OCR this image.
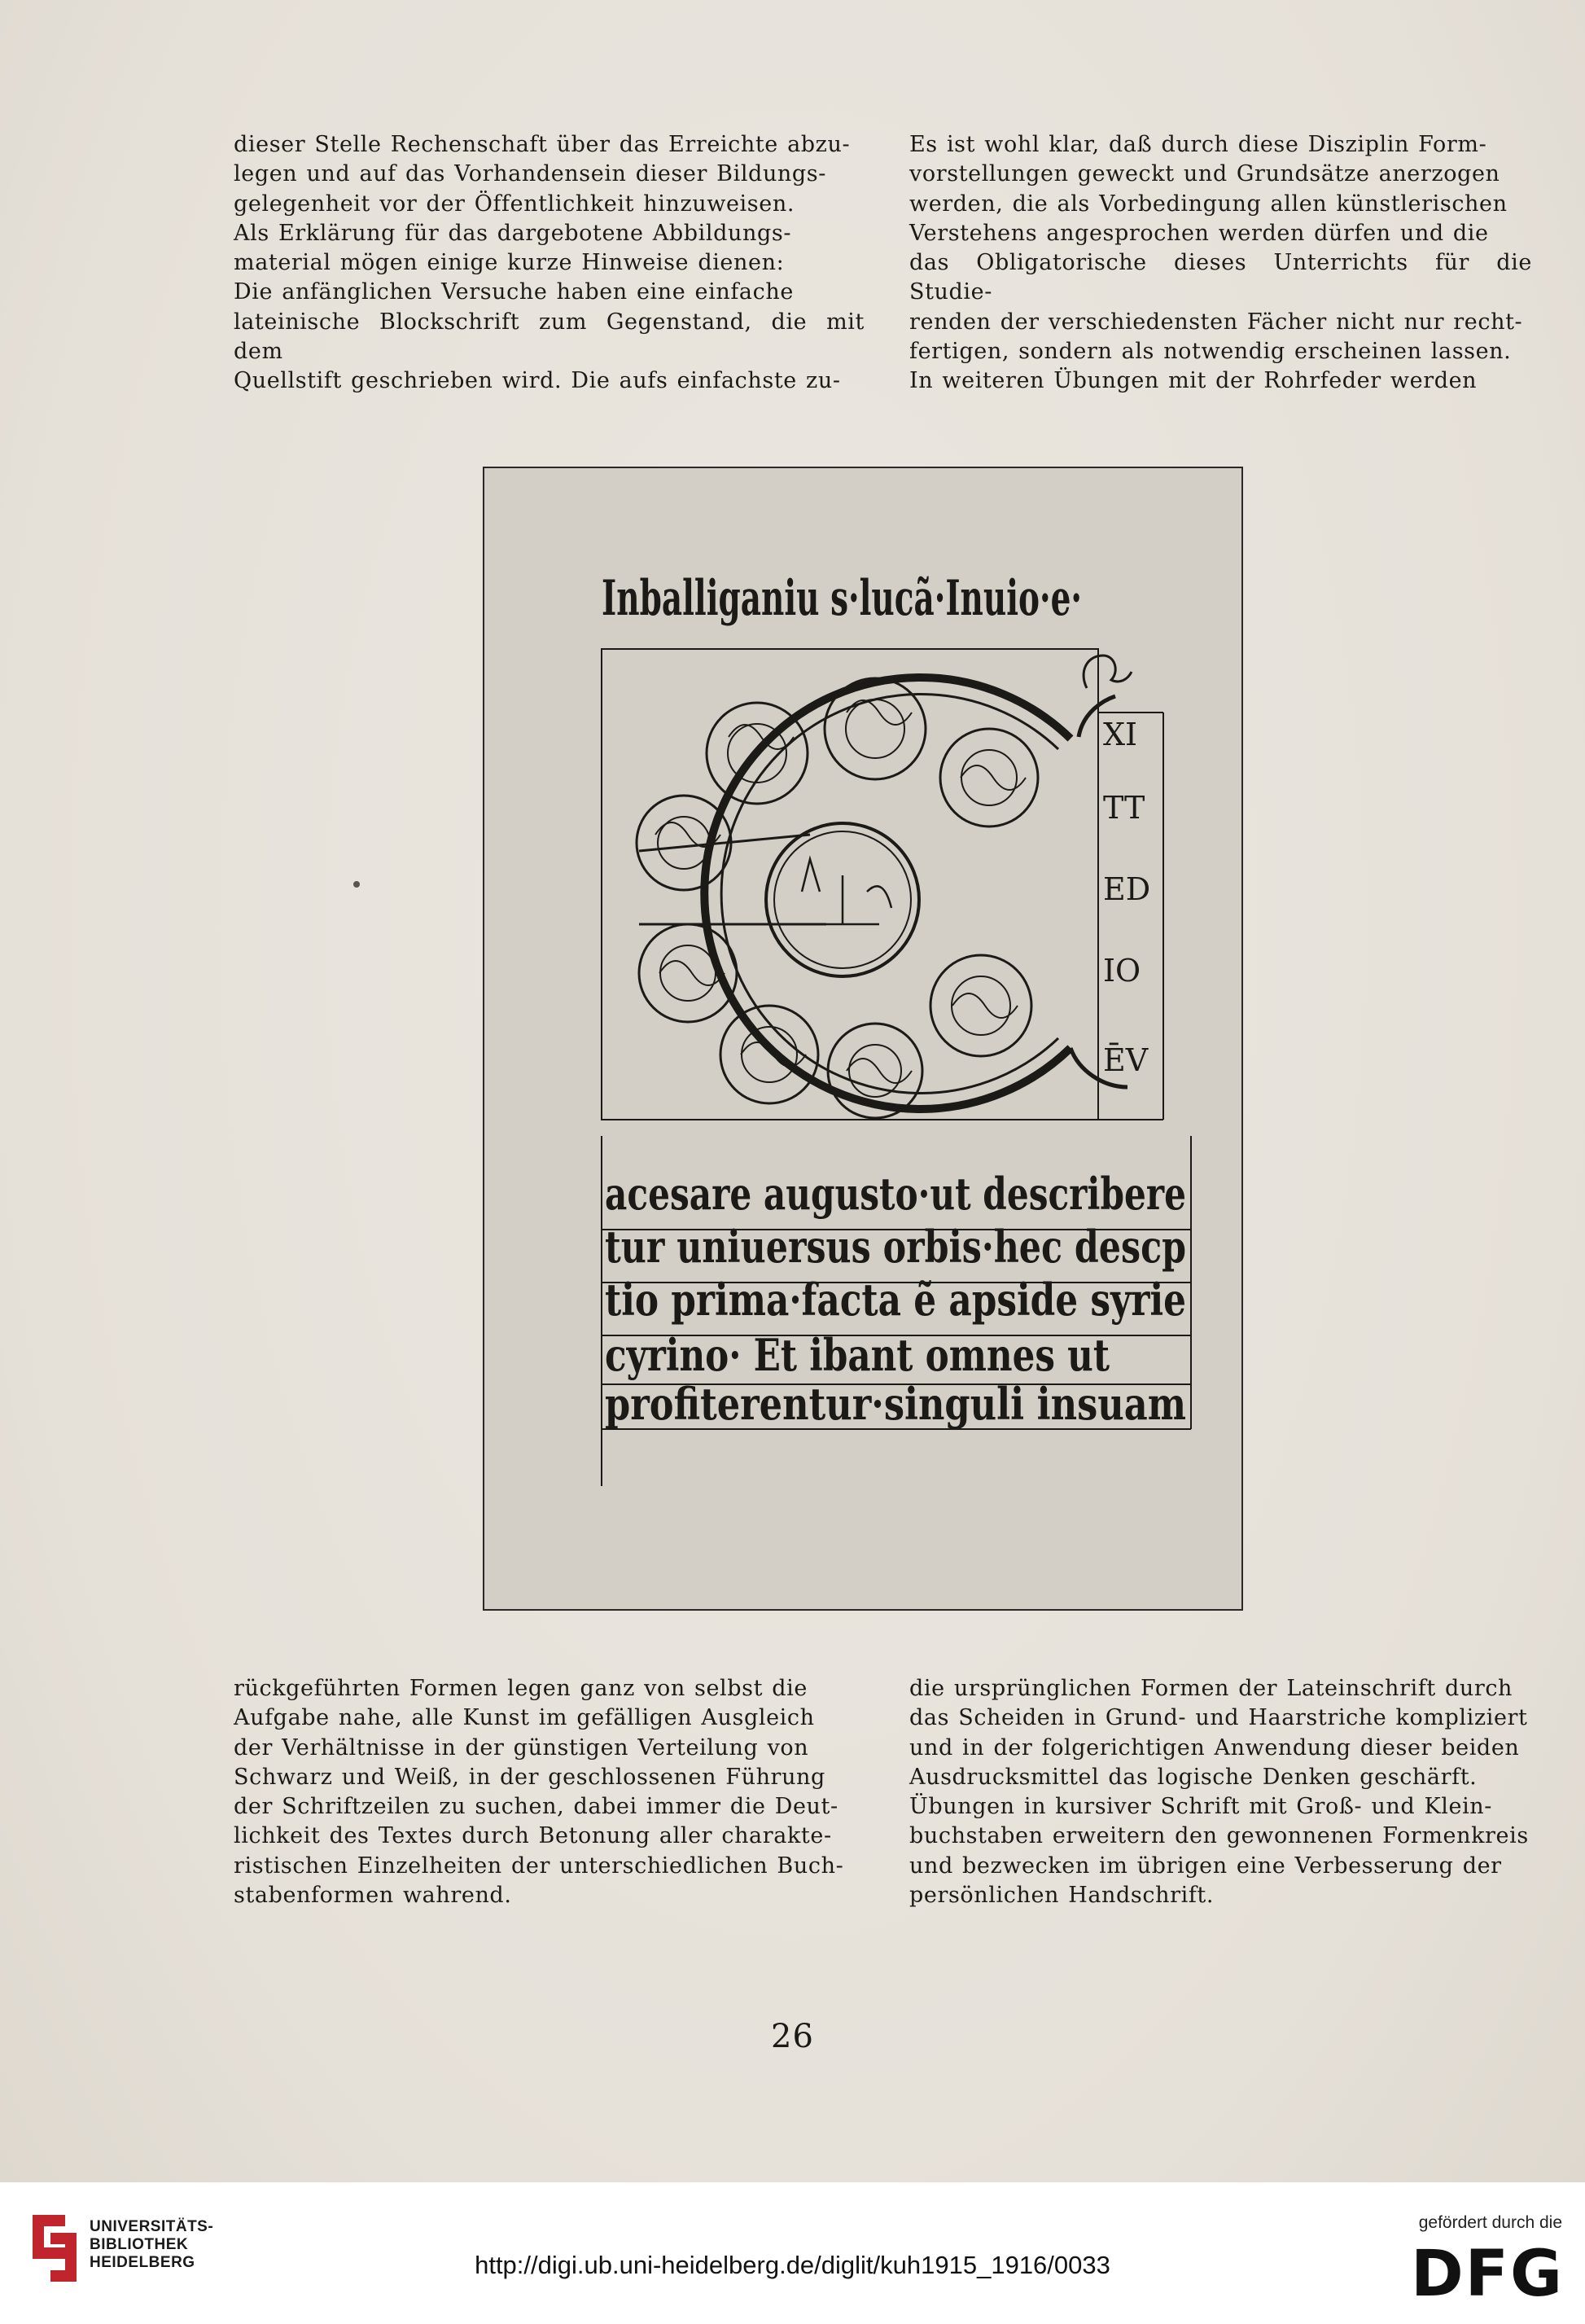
dieser Stelle Rechenschaft über das Erreichte abzu-

legen und auf das Vorhandensein dieser Bildungs-

gelegenheit vor der Öffentlichkeit hinzuweisen.

Als Erklärung für das dargebotene Abbildungs-

material mögen einige kurze Hinweise dienen:

Die anfänglichen Versuche haben eine einfache

lateinische Blockschrift zum Gegenstand, die mit dem

Quellstift geschrieben wird. Die aufs einfachste zu-

Es ist wohl klar, daß durch diese Disziplin Form-

vorstellungen geweckt und Grundsätze anerzogen

werden, die als Vorbedingung allen künstlerischen

Verstehens angesprochen werden dürfen und die

das Obligatorische dieses Unterrichts für die Studie-

renden der verschiedensten Fächer nicht nur recht-

fertigen, sondern als notwendig erscheinen lassen.

In weiteren Übungen mit der Rohrfeder werden

Inballiganiu s·lucã·Inuio·e·
XI
TT
ED
IO
ĒV
acesare augusto·ut describere
tur uniuersus orbis·hec descp
tio prima·facta ẽ apside syrie
cyrino· Et ibant omnes ut
profiterentur·singuli insuam

rückgeführten Formen legen ganz von selbst die

Aufgabe nahe, alle Kunst im gefälligen Ausgleich

der Verhältnisse in der günstigen Verteilung von

Schwarz und Weiß, in der geschlossenen Führung

der Schriftzeilen zu suchen, dabei immer die Deut-

lichkeit des Textes durch Betonung aller charakte-

ristischen Einzelheiten der unterschiedlichen Buch-

stabenformen wahrend.

die ursprünglichen Formen der Lateinschrift durch

das Scheiden in Grund- und Haarstriche kompliziert

und in der folgerichtigen Anwendung dieser beiden

Ausdrucksmittel das logische Denken geschärft.

Übungen in kursiver Schrift mit Groß- und Klein-

buchstaben erweitern den gewonnenen Formenkreis

und bezwecken im übrigen eine Verbesserung der

persönlichen Handschrift.

26
UNIVERSITÄTS-
BIBLIOTHEK
HEIDELBERG	http://digi.ub.uni-heidelberg.de/diglit/kuh1915_1916/0033
gefördert durch die
DFG
